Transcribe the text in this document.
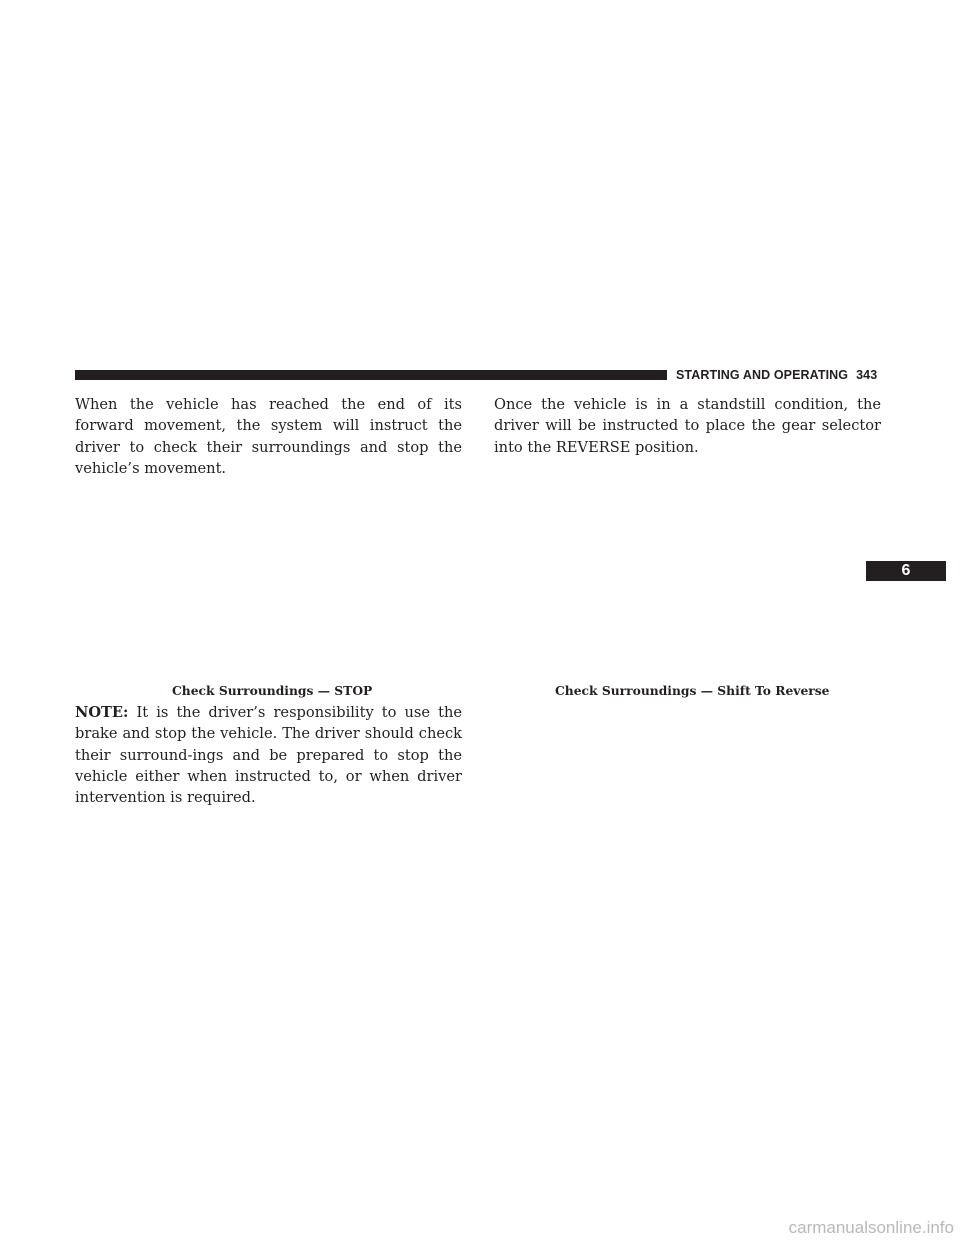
STARTING AND OPERATING 343
When the vehicle has reached the end of its forward movement, the system will instruct the driver to check their surroundings and stop the vehicle’s movement.
Once the vehicle is in a standstill condition, the driver will be instructed to place the gear selector into the REVERSE position.
Check Surroundings — STOP	Check Surroundings — Shift To Reverse
NOTE: It is the driver’s responsibility to use the brake and stop the vehicle. The driver should check their surround-ings and be prepared to stop the vehicle either when instructed to, or when driver intervention is required.
6
carmanualsonline.info
